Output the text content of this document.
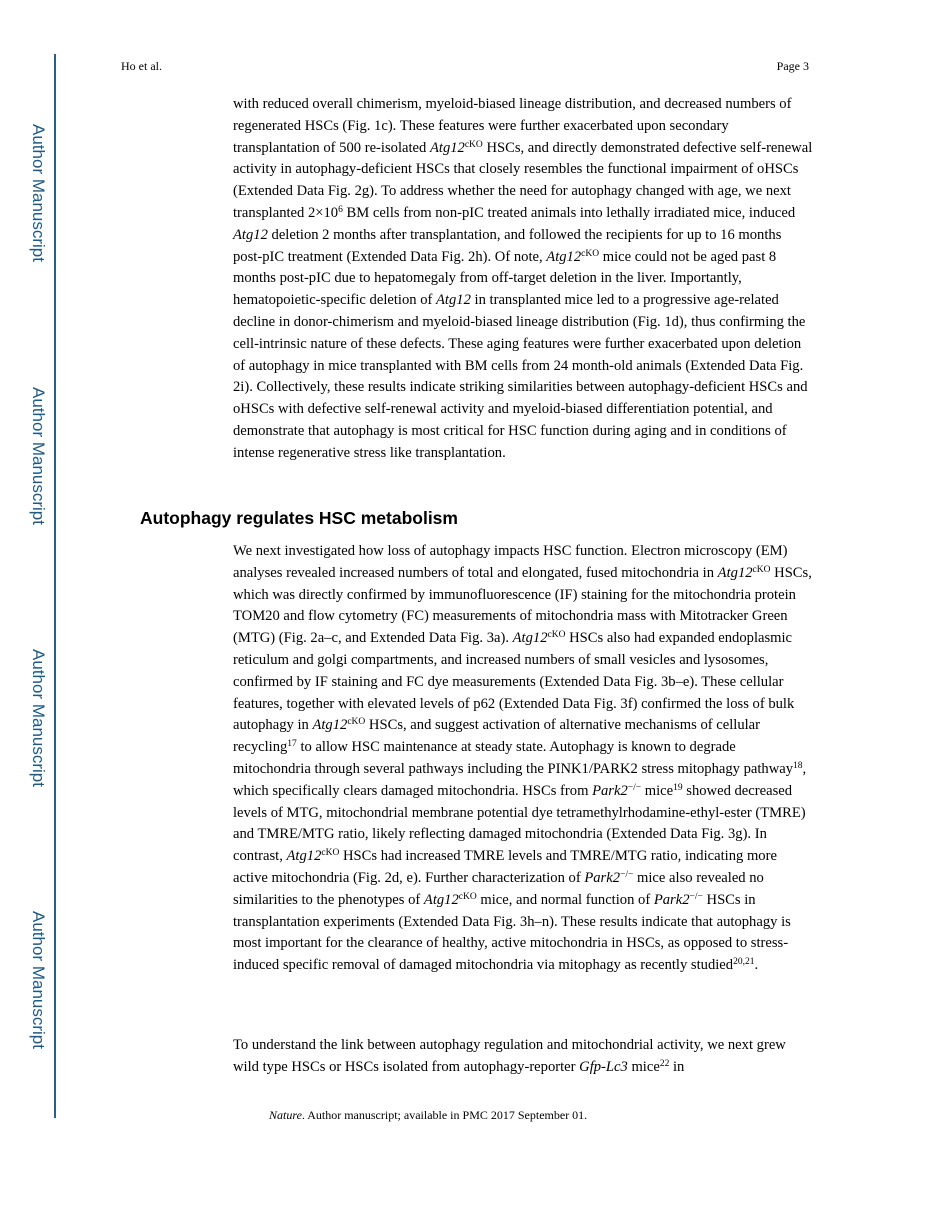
Author Manuscript
Author Manuscript
Author Manuscript
Author Manuscript
Ho et al.	Page 3

with reduced overall chimerism, myeloid-biased lineage distribution, and decreased numbers of regenerated HSCs (Fig. 1c). These features were further exacerbated upon secondary transplantation of 500 re-isolated $Atg12^{cKO}$ HSCs, and directly demonstrated defective self-renewal activity in autophagy-deficient HSCs that closely resembles the functional impairment of oHSCs (Extended Data Fig. 2g). To address whether the need for autophagy changed with age, we next transplanted $2\times 10^6$ BM cells from non-pIC treated animals into lethally irradiated mice, induced Atg12 deletion 2 months after transplantation, and followed the recipients for up to 16 months post-pIC treatment (Extended Data Fig. 2h). Of note, $Atg12^{cKO}$ mice could not be aged past 8 months post-pIC due to hepatomegaly from off-target deletion in the liver. Importantly, hematopoietic-specific deletion of Atg12 in transplanted mice led to a progressive age-related decline in donor-chimerism and myeloid-biased lineage distribution (Fig. 1d), thus confirming the cell-intrinsic nature of these defects. These aging features were further exacerbated upon deletion of autophagy in mice transplanted with BM cells from 24 month-old animals (Extended Data Fig. 2i). Collectively, these results indicate striking similarities between autophagy-deficient HSCs and oHSCs with defective self-renewal activity and myeloid-biased differentiation potential, and demonstrate that autophagy is most critical for HSC function during aging and in conditions of intense regenerative stress like transplantation.

Autophagy regulates HSC metabolism

We next investigated how loss of autophagy impacts HSC function. Electron microscopy (EM) analyses revealed increased numbers of total and elongated, fused mitochondria in $Atg12^{cKO}$ HSCs, which was directly confirmed by immunofluorescence (IF) staining for the mitochondria protein TOM20 and flow cytometry (FC) measurements of mitochondria mass with Mitotracker Green (MTG) (Fig. 2a–c, and Extended Data Fig. 3a). $Atg12^{cKO}$ HSCs also had expanded endoplasmic reticulum and golgi compartments, and increased numbers of small vesicles and lysosomes, confirmed by IF staining and FC dye measurements (Extended Data Fig. 3b–e). These cellular features, together with elevated levels of p62 (Extended Data Fig. 3f) confirmed the loss of bulk autophagy in $Atg12^{cKO}$ HSCs, and suggest activation of alternative mechanisms of cellular recycling$^{17}$ to allow HSC maintenance at steady state. Autophagy is known to degrade mitochondria through several pathways including the PINK1/PARK2 stress mitophagy pathway$^{18}$, which specifically clears damaged mitochondria. HSCs from Park2−/− mice$^{19}$ showed decreased levels of MTG, mitochondrial membrane potential dye tetramethylrhodamine-ethyl-ester (TMRE) and TMRE/MTG ratio, likely reflecting damaged mitochondria (Extended Data Fig. 3g). In contrast, $Atg12^{cKO}$ HSCs had increased TMRE levels and TMRE/MTG ratio, indicating more active mitochondria (Fig. 2d, e). Further characterization of Park2−/− mice also revealed no similarities to the phenotypes of $Atg12^{cKO}$ mice, and normal function of Park2−/− HSCs in transplantation experiments (Extended Data Fig. 3h–n). These results indicate that autophagy is most important for the clearance of healthy, active mitochondria in HSCs, as opposed to stress-induced specific removal of damaged mitochondria via mitophagy as recently studied$^{20,21}$.

To understand the link between autophagy regulation and mitochondrial activity, we next grew wild type HSCs or HSCs isolated from autophagy-reporter Gfp-Lc3 mice$^{22}$ in

Nature. Author manuscript; available in PMC 2017 September 01.
